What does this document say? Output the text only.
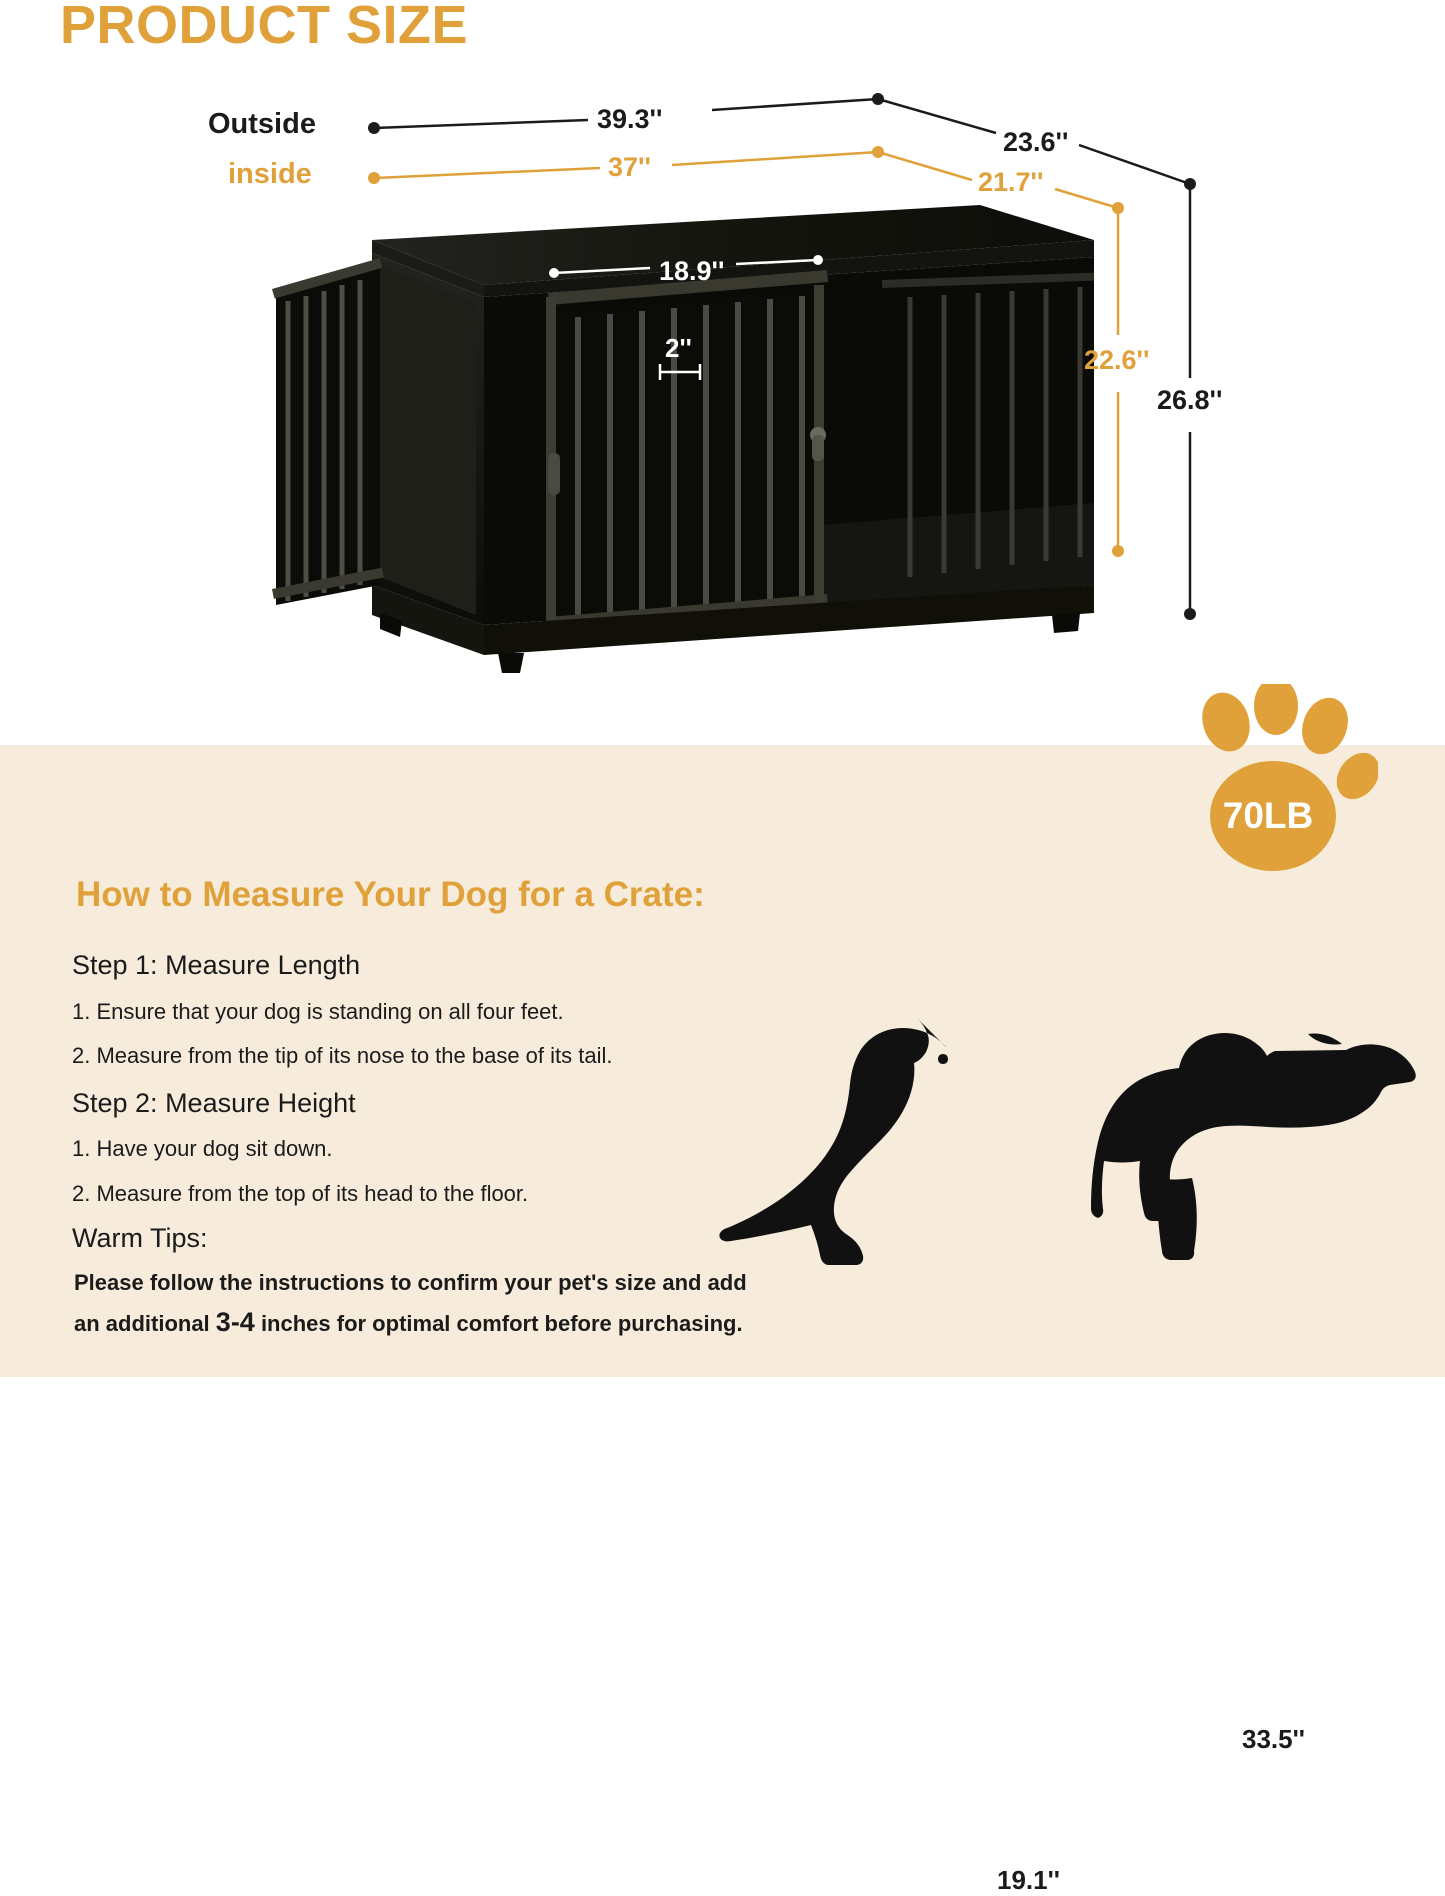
PRODUCT SIZE
Outside
inside
39.3''
23.6''
37''	21.7''
22.6''
26.8''
18.9''
2''
How to Measure Your Dog for a Crate:
Step 1: Measure Length
1. Ensure that your dog is standing on all four feet.
2. Measure from the tip of its nose to the base of its tail.
Step 2: Measure Height
1. Have your dog sit down.
2. Measure from the top of its head to the floor.
Warm Tips:
Please follow the instructions to confirm your pet's size and add
an additional 3-4 inches for optimal comfort before purchasing.
33.5''
19.1''
70LB
